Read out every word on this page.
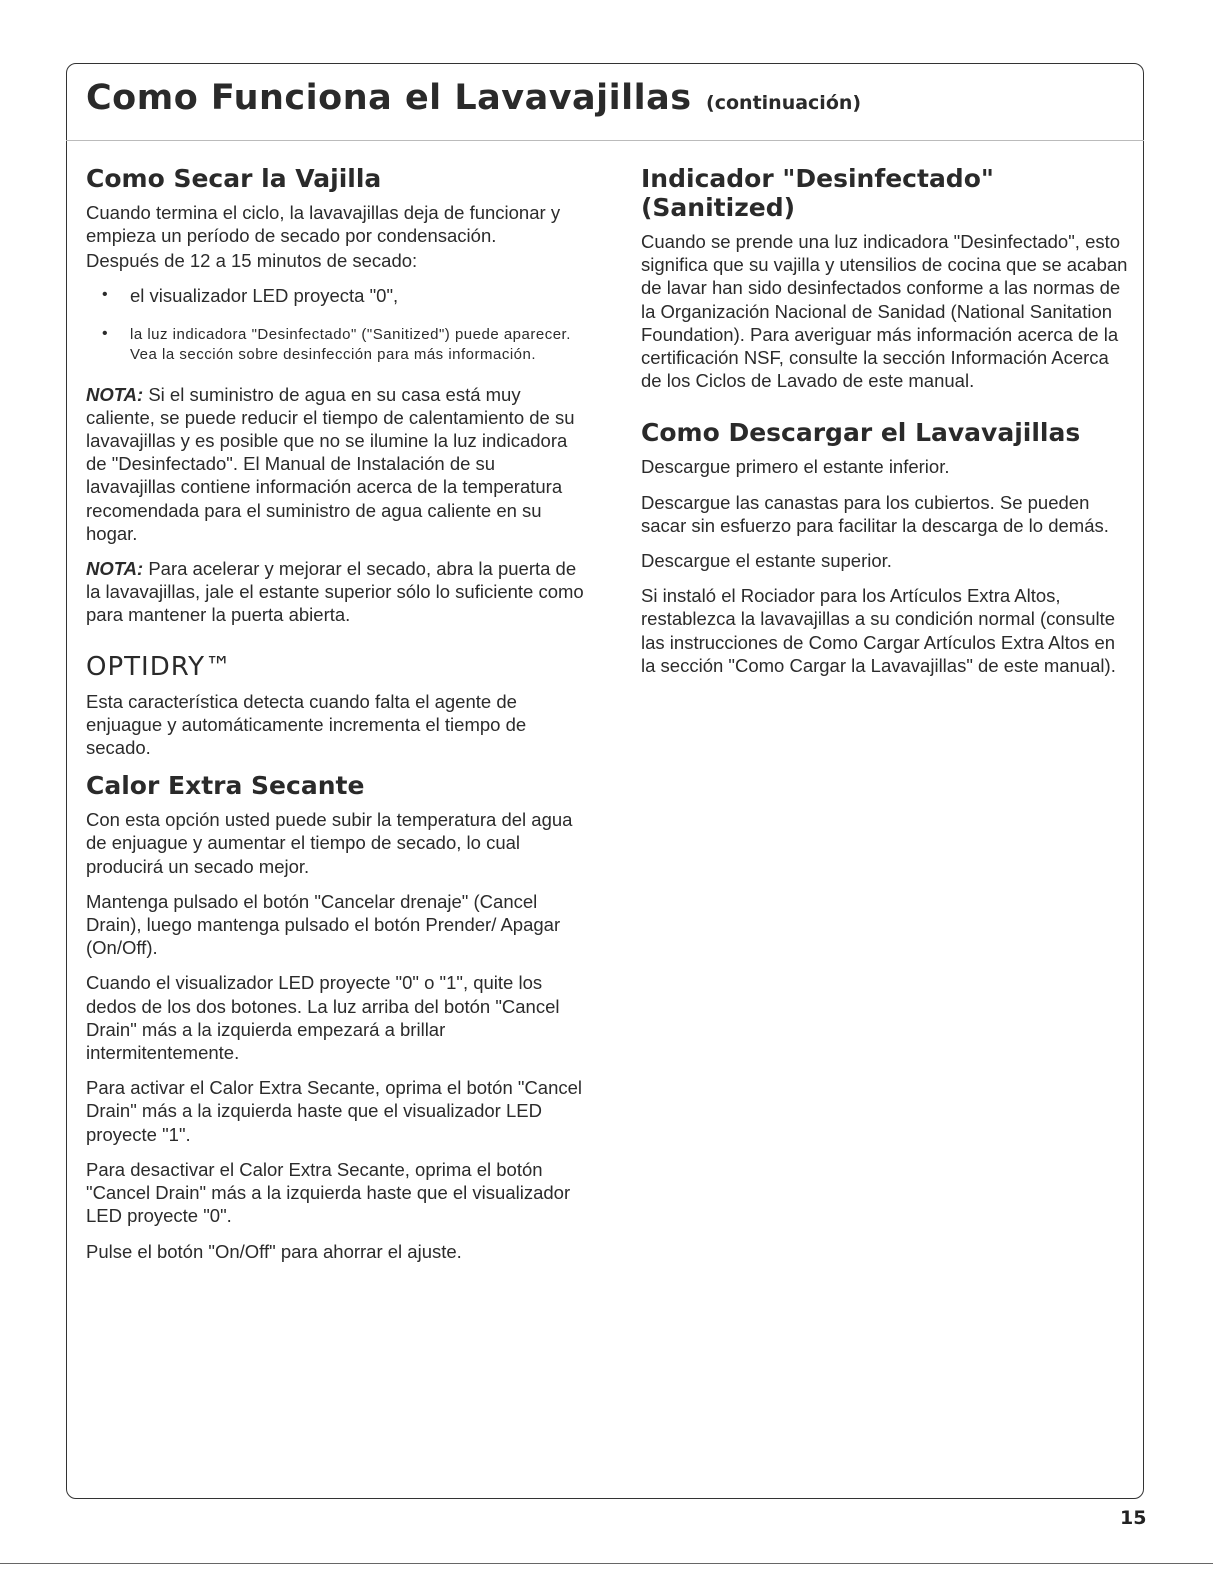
Como Funciona el Lavavajillas (continuación)
Como Secar la Vajilla

Cuando termina el ciclo, la lavavajillas deja de funcionar y empieza un período de secado por condensación.

Después de 12 a 15 minutos de secado:

• el visualizador LED proyecta "0",
• la luz indicadora "Desinfectado" ("Sanitized") puede aparecer. Vea la sección sobre desinfección para más información.

NOTA: Si el suministro de agua en su casa está muy caliente, se puede reducir el tiempo de calentamiento de su lavavajillas y es posible que no se ilumine la luz indicadora de "Desinfectado". El Manual de Instalación de su lavavajillas contiene información acerca de la temperatura recomendada para el suministro de agua caliente en su hogar.

NOTA: Para acelerar y mejorar el secado, abra la puerta de la lavavajillas, jale el estante superior sólo lo suficiente como para mantener la puerta abierta.

OPTIDRY™

Esta característica detecta cuando falta el agente de enjuague y automáticamente incrementa el tiempo de secado.

Calor Extra Secante

Con esta opción usted puede subir la temperatura del agua de enjuague y aumentar el tiempo de secado, lo cual producirá un secado mejor.

Mantenga pulsado el botón "Cancelar drenaje" (Cancel Drain), luego mantenga pulsado el botón Prender/ Apagar (On/Off).

Cuando el visualizador LED proyecte "0" o "1", quite los dedos de los dos botones. La luz arriba del botón "Cancel Drain" más a la izquierda empezará a brillar intermitentemente.

Para activar el Calor Extra Secante, oprima el botón "Cancel Drain" más a la izquierda haste que el visualizador LED proyecte "1".

Para desactivar el Calor Extra Secante, oprima el botón "Cancel Drain" más a la izquierda haste que el visualizador LED proyecte "0".

Pulse el botón "On/Off" para ahorrar el ajuste.

Indicador "Desinfectado"
(Sanitized)

Cuando se prende una luz indicadora "Desinfectado", esto significa que su vajilla y utensilios de cocina que se acaban de lavar han sido desinfectados conforme a las normas de la Organización Nacional de Sanidad (National Sanitation Foundation). Para averiguar más información acerca de la certificación NSF, consulte la sección Información Acerca de los Ciclos de Lavado de este manual.

Como Descargar el Lavavajillas

Descargue primero el estante inferior.

Descargue las canastas para los cubiertos. Se pueden sacar sin esfuerzo para facilitar la descarga de lo demás.

Descargue el estante superior.

Si instaló el Rociador para los Artículos Extra Altos, restablezca la lavavajillas a su condición normal (consulte las instrucciones de Como Cargar Artículos Extra Altos en la sección "Como Cargar la Lavavajillas" de este manual).

15
